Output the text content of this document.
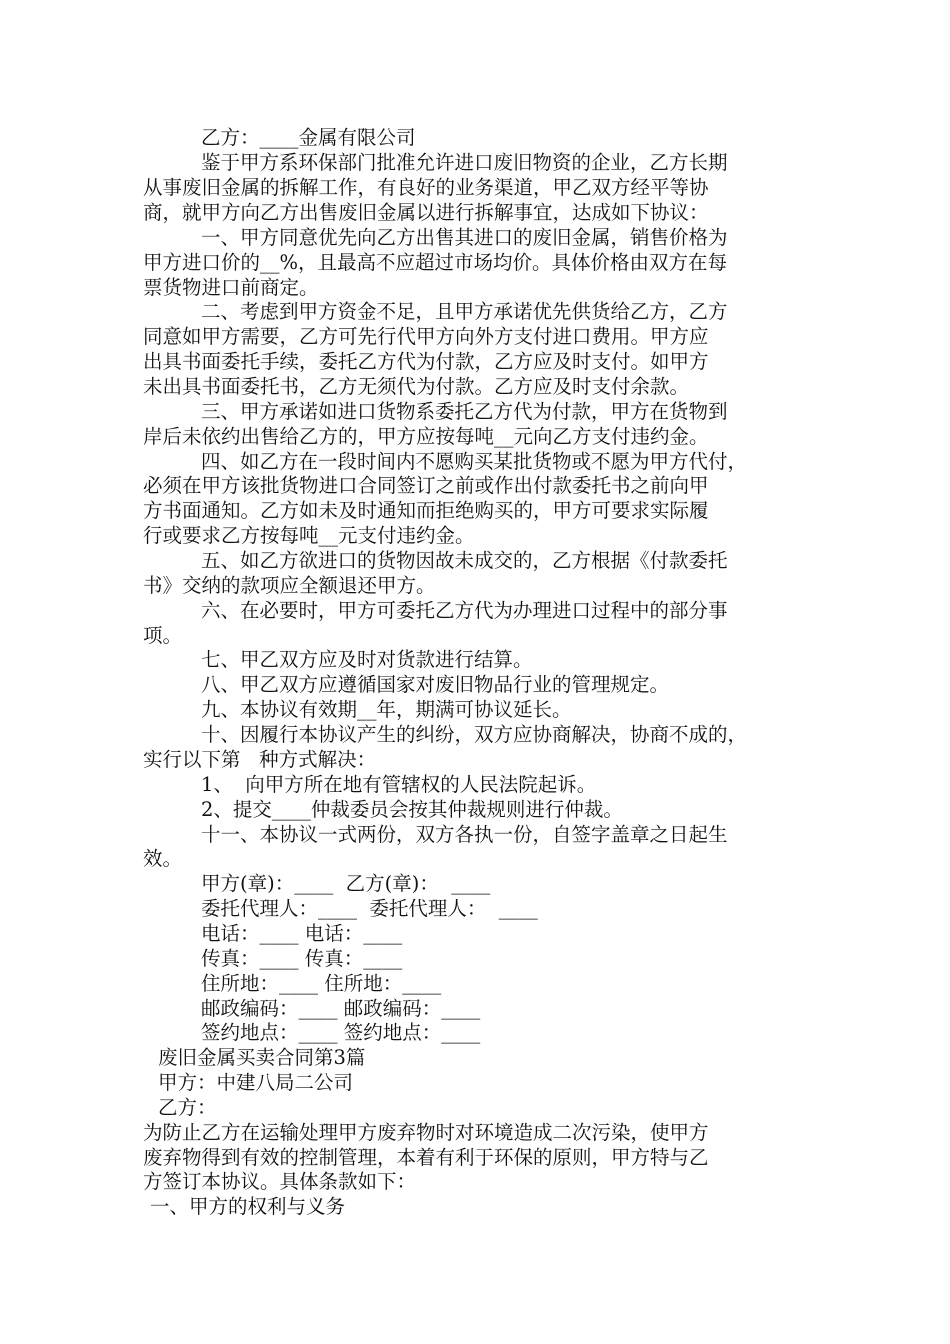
乙方：____金属有限公司
鉴于甲方系环保部门批准允许进口废旧物资的企业，乙方长期
从事废旧金属的拆解工作，有良好的业务渠道，甲乙双方经平等协
商，就甲方向乙方出售废旧金属以进行拆解事宜，达成如下协议：
一、甲方同意优先向乙方出售其进口的废旧金属，销售价格为
甲方进口价的__%，且最高不应超过市场均价。具体价格由双方在每
票货物进口前商定。
二、考虑到甲方资金不足，且甲方承诺优先供货给乙方，乙方
同意如甲方需要，乙方可先行代甲方向外方支付进口费用。甲方应
出具书面委托手续，委托乙方代为付款，乙方应及时支付。如甲方
未出具书面委托书，乙方无须代为付款。乙方应及时支付余款。
三、甲方承诺如进口货物系委托乙方代为付款，甲方在货物到
岸后未依约出售给乙方的，甲方应按每吨__元向乙方支付违约金。
四、如乙方在一段时间内不愿购买某批货物或不愿为甲方代付，
必须在甲方该批货物进口合同签订之前或作出付款委托书之前向甲
方书面通知。乙方如未及时通知而拒绝购买的，甲方可要求实际履
行或要求乙方按每吨__元支付违约金。
五、如乙方欲进口的货物因故未成交的，乙方根据《付款委托
书》交纳的款项应全额退还甲方。
六、在必要时，甲方可委托乙方代为办理进口过程中的部分事
项。
七、甲乙双方应及时对货款进行结算。
八、甲乙双方应遵循国家对废旧物品行业的管理规定。
九、本协议有效期__年，期满可协议延长。
十、因履行本协议产生的纠纷，双方应协商解决，协商不成的，
实行以下第   种方式解决：
1、  向甲方所在地有管辖权的人民法院起诉。
2、提交____仲裁委员会按其仲裁规则进行仲裁。
十一、本协议一式两份，双方各执一份，自签字盖章之日起生
效。
甲方(章)：____  乙方(章)：  ____
委托代理人：____  委托代理人：  ____
电话：____ 电话：____
传真：____ 传真：____
住所地：____ 住所地：____
邮政编码：____ 邮政编码：____
签约地点：____ 签约地点：____
废旧金属买卖合同第3篇
甲方：中建八局二公司
乙方：
为防止乙方在运输处理甲方废弃物时对环境造成二次污染，使甲方
废弃物得到有效的控制管理，本着有利于环保的原则，甲方特与乙
方签订本协议。具体条款如下：
一、甲方的权利与义务
